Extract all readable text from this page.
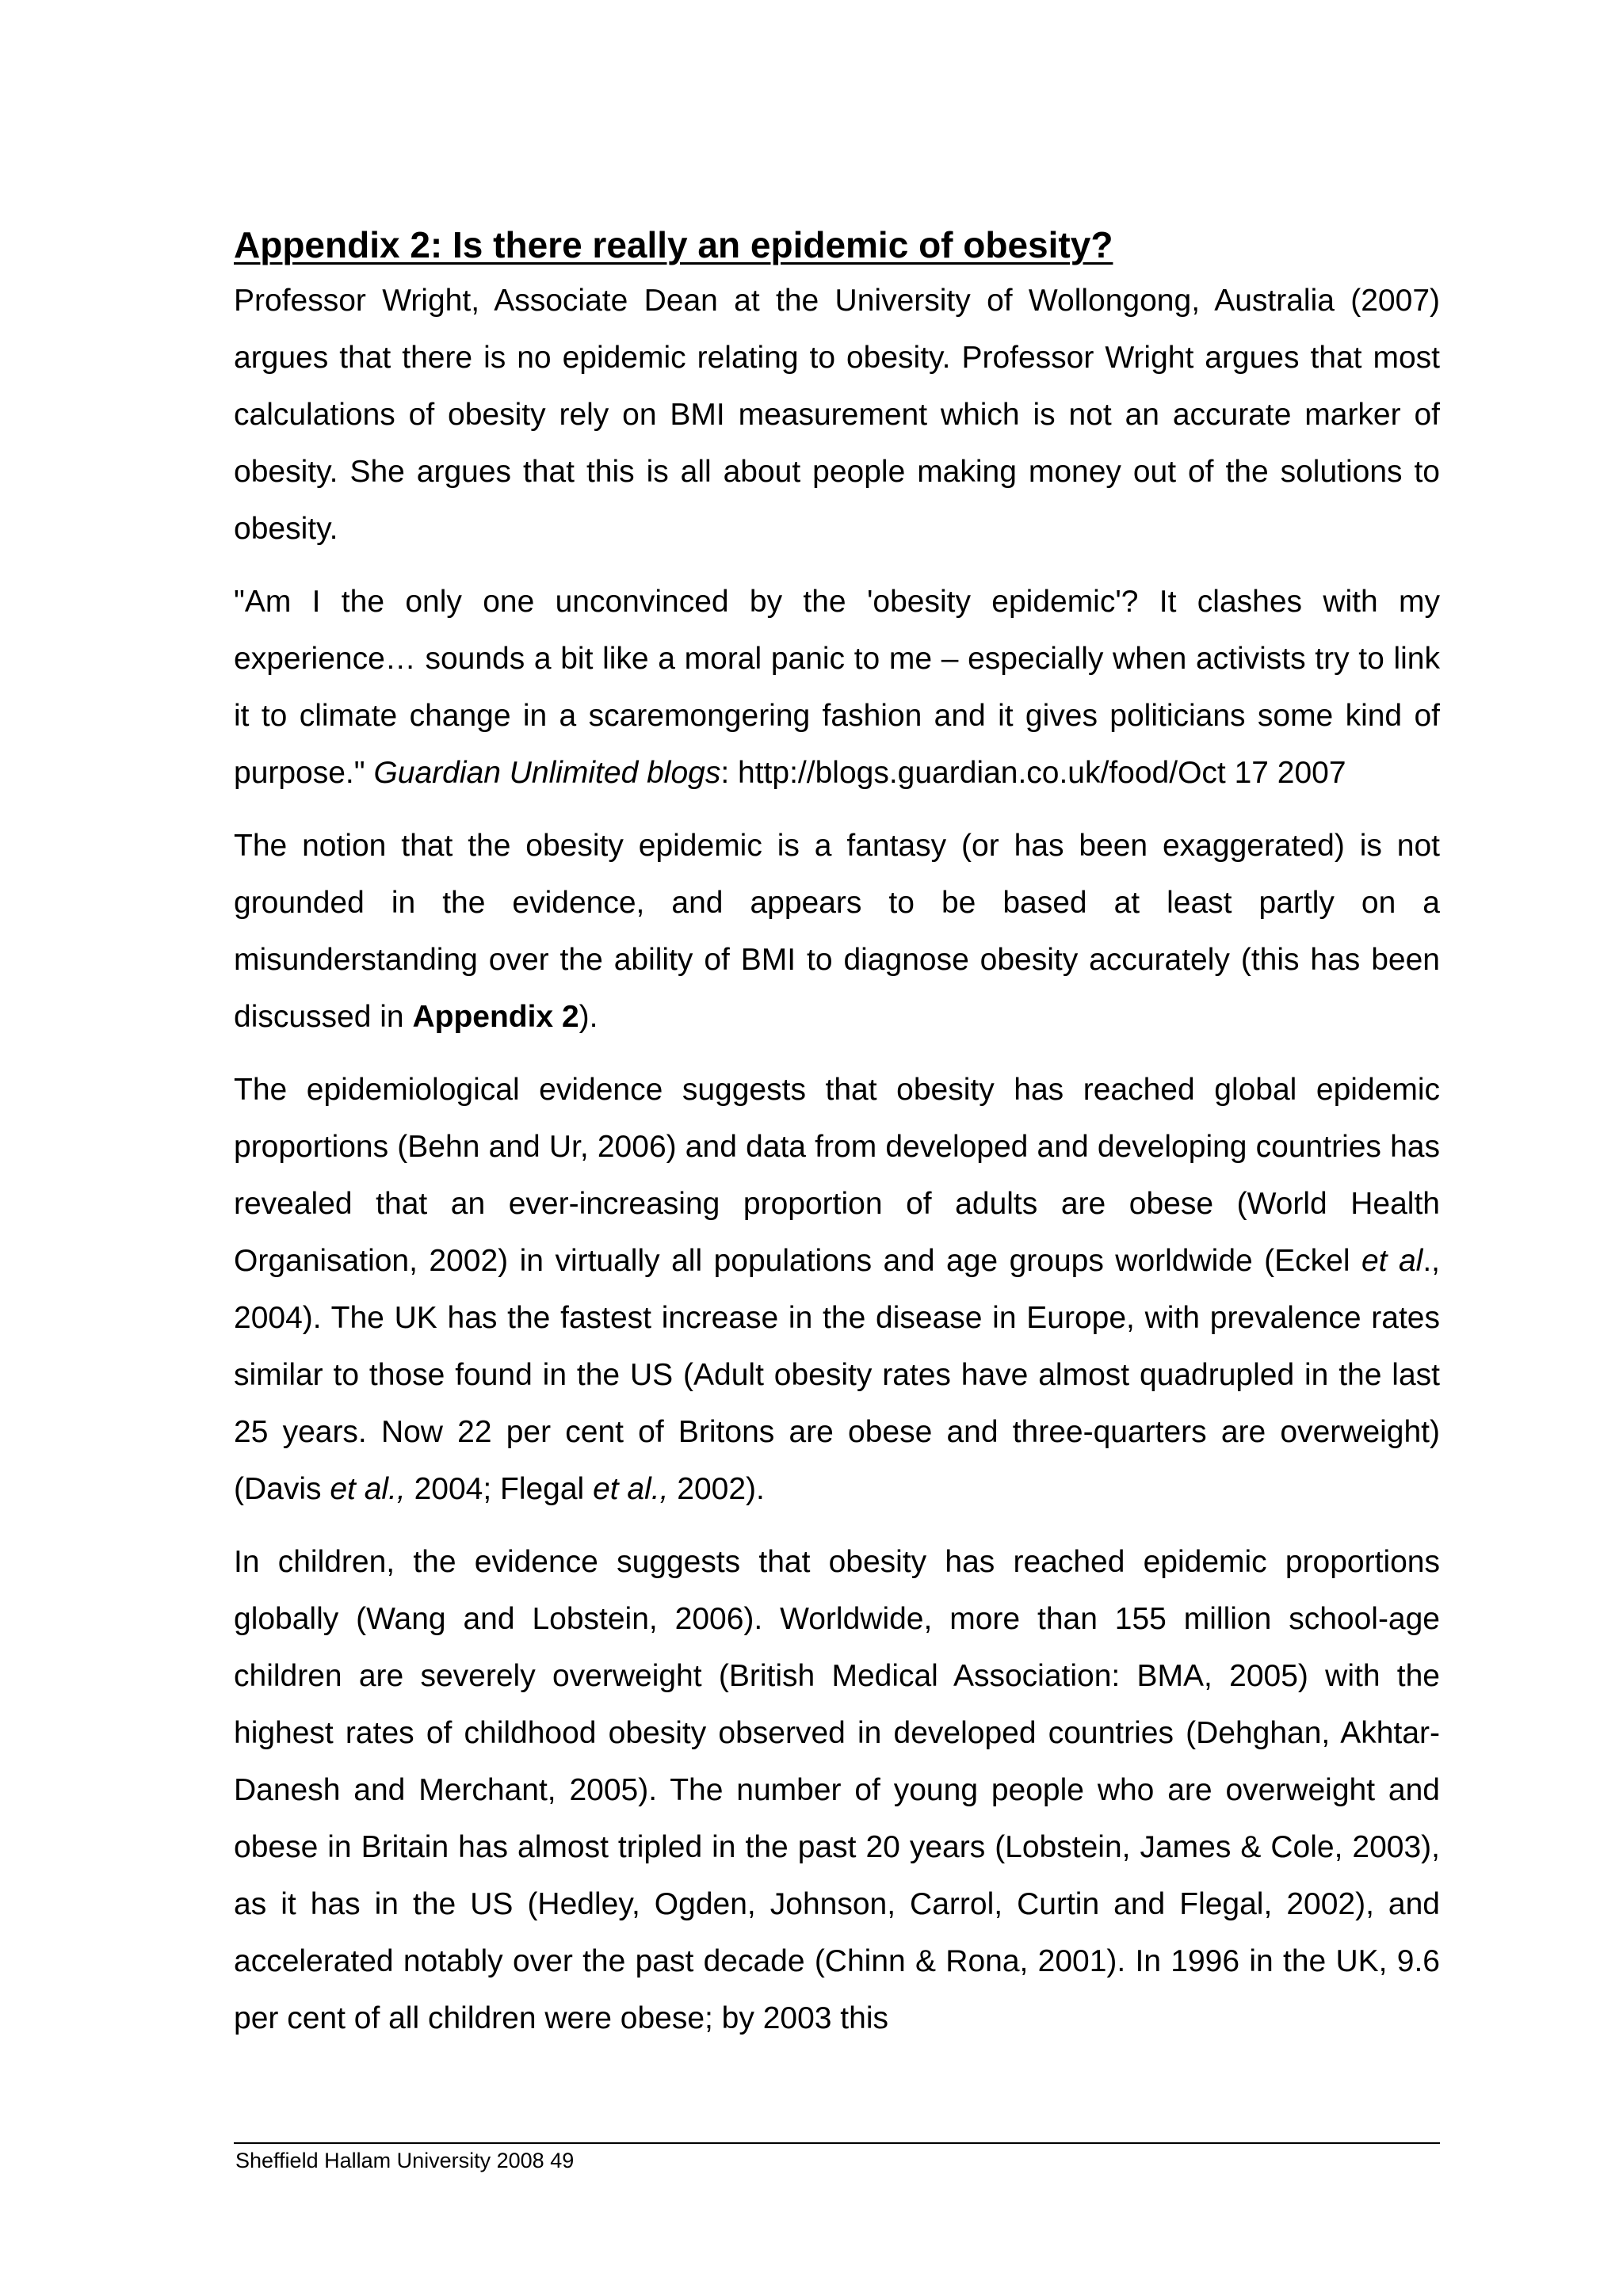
Appendix 2: Is there really an epidemic of obesity?

Professor Wright, Associate Dean at the University of Wollongong, Australia (2007) argues that there is no epidemic relating to obesity. Professor Wright argues that most calculations of obesity rely on BMI measurement which is not an accurate marker of obesity. She argues that this is all about people making money out of the solutions to obesity.

"Am I the only one unconvinced by the 'obesity epidemic'? It clashes with my experience… sounds a bit like a moral panic to me – especially when activists try to link it to climate change in a scaremongering fashion and it gives politicians some kind of purpose." Guardian Unlimited blogs: http://blogs.guardian.co.uk/food/Oct 17 2007

The notion that the obesity epidemic is a fantasy (or has been exaggerated) is not grounded in the evidence, and appears to be based at least partly on a misunderstanding over the ability of BMI to diagnose obesity accurately (this has been discussed in Appendix 2).

The epidemiological evidence suggests that obesity has reached global epidemic proportions (Behn and Ur, 2006) and data from developed and developing countries has revealed that an ever-increasing proportion of adults are obese (World Health Organisation, 2002) in virtually all populations and age groups worldwide (Eckel et al., 2004). The UK has the fastest increase in the disease in Europe, with prevalence rates similar to those found in the US (Adult obesity rates have almost quadrupled in the last 25 years. Now 22 per cent of Britons are obese and three-quarters are overweight) (Davis et al., 2004; Flegal et al., 2002).

In children, the evidence suggests that obesity has reached epidemic proportions globally (Wang and Lobstein, 2006). Worldwide, more than 155 million school-age children are severely overweight (British Medical Association: BMA, 2005) with the highest rates of childhood obesity observed in developed countries (Dehghan, Akhtar-Danesh and Merchant, 2005). The number of young people who are overweight and obese in Britain has almost tripled in the past 20 years (Lobstein, James & Cole, 2003), as it has in the US (Hedley, Ogden, Johnson, Carrol, Curtin and Flegal, 2002), and accelerated notably over the past decade (Chinn & Rona, 2001). In 1996 in the UK, 9.6 per cent of all children were obese; by 2003 this

Sheffield Hallam University 2008 49
